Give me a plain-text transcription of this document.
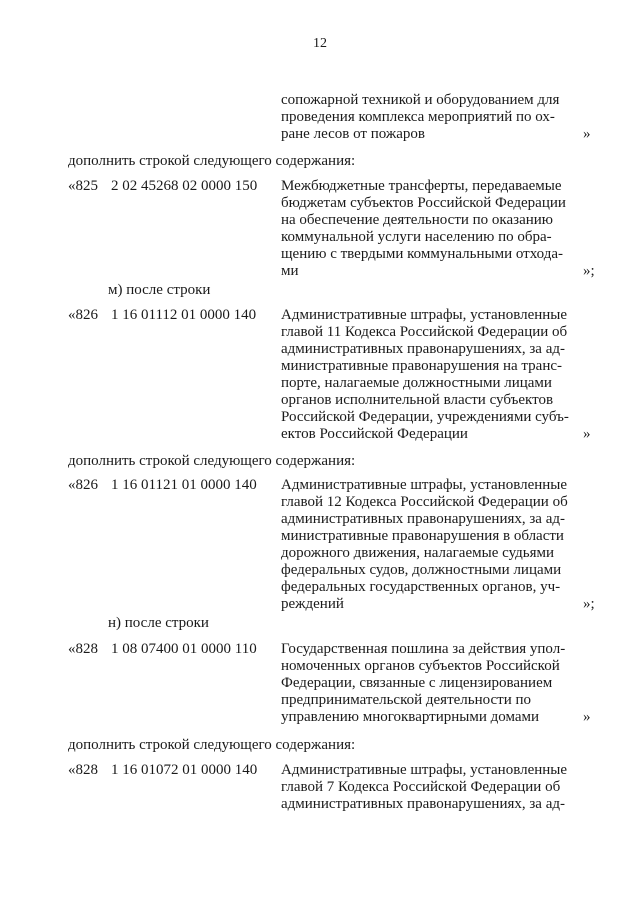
12
сопожарной техникой и оборудованием для
проведения комплекса мероприятий по ох-
ране лесов от пожаров	»
дополнить строкой следующего содержания:
«825 2 02 45268 02 0000 150 Межбюджетные трансферты, передаваемые
бюджетам субъектов Российской Федерации
на обеспечение деятельности по оказанию
коммунальной услуги населению по обра-
щению с твердыми коммунальными отхода-
ми	»;
м) после строки
«826 1 16 01112 01 0000 140 Административные штрафы, установленные
главой 11 Кодекса Российской Федерации об
административных правонарушениях, за ад-
министративные правонарушения на транс-
порте, налагаемые должностными лицами
органов исполнительной власти субъектов
Российской Федерации, учреждениями субъ-
ектов Российской Федерации	»
дополнить строкой следующего содержания:
«826 1 16 01121 01 0000 140 Административные штрафы, установленные
главой 12 Кодекса Российской Федерации об
административных правонарушениях, за ад-
министративные правонарушения в области
дорожного движения, налагаемые судьями
федеральных судов, должностными лицами
федеральных государственных органов, уч-
реждений	»;
н) после строки
«828 1 08 07400 01 0000 110 Государственная пошлина за действия упол-
номоченных органов субъектов Российской
Федерации, связанные с лицензированием
предпринимательской деятельности по
управлению многоквартирными домами	»
дополнить строкой следующего содержания:
«828 1 16 01072 01 0000 140 Административные штрафы, установленные
главой 7 Кодекса Российской Федерации об
административных правонарушениях, за ад-
